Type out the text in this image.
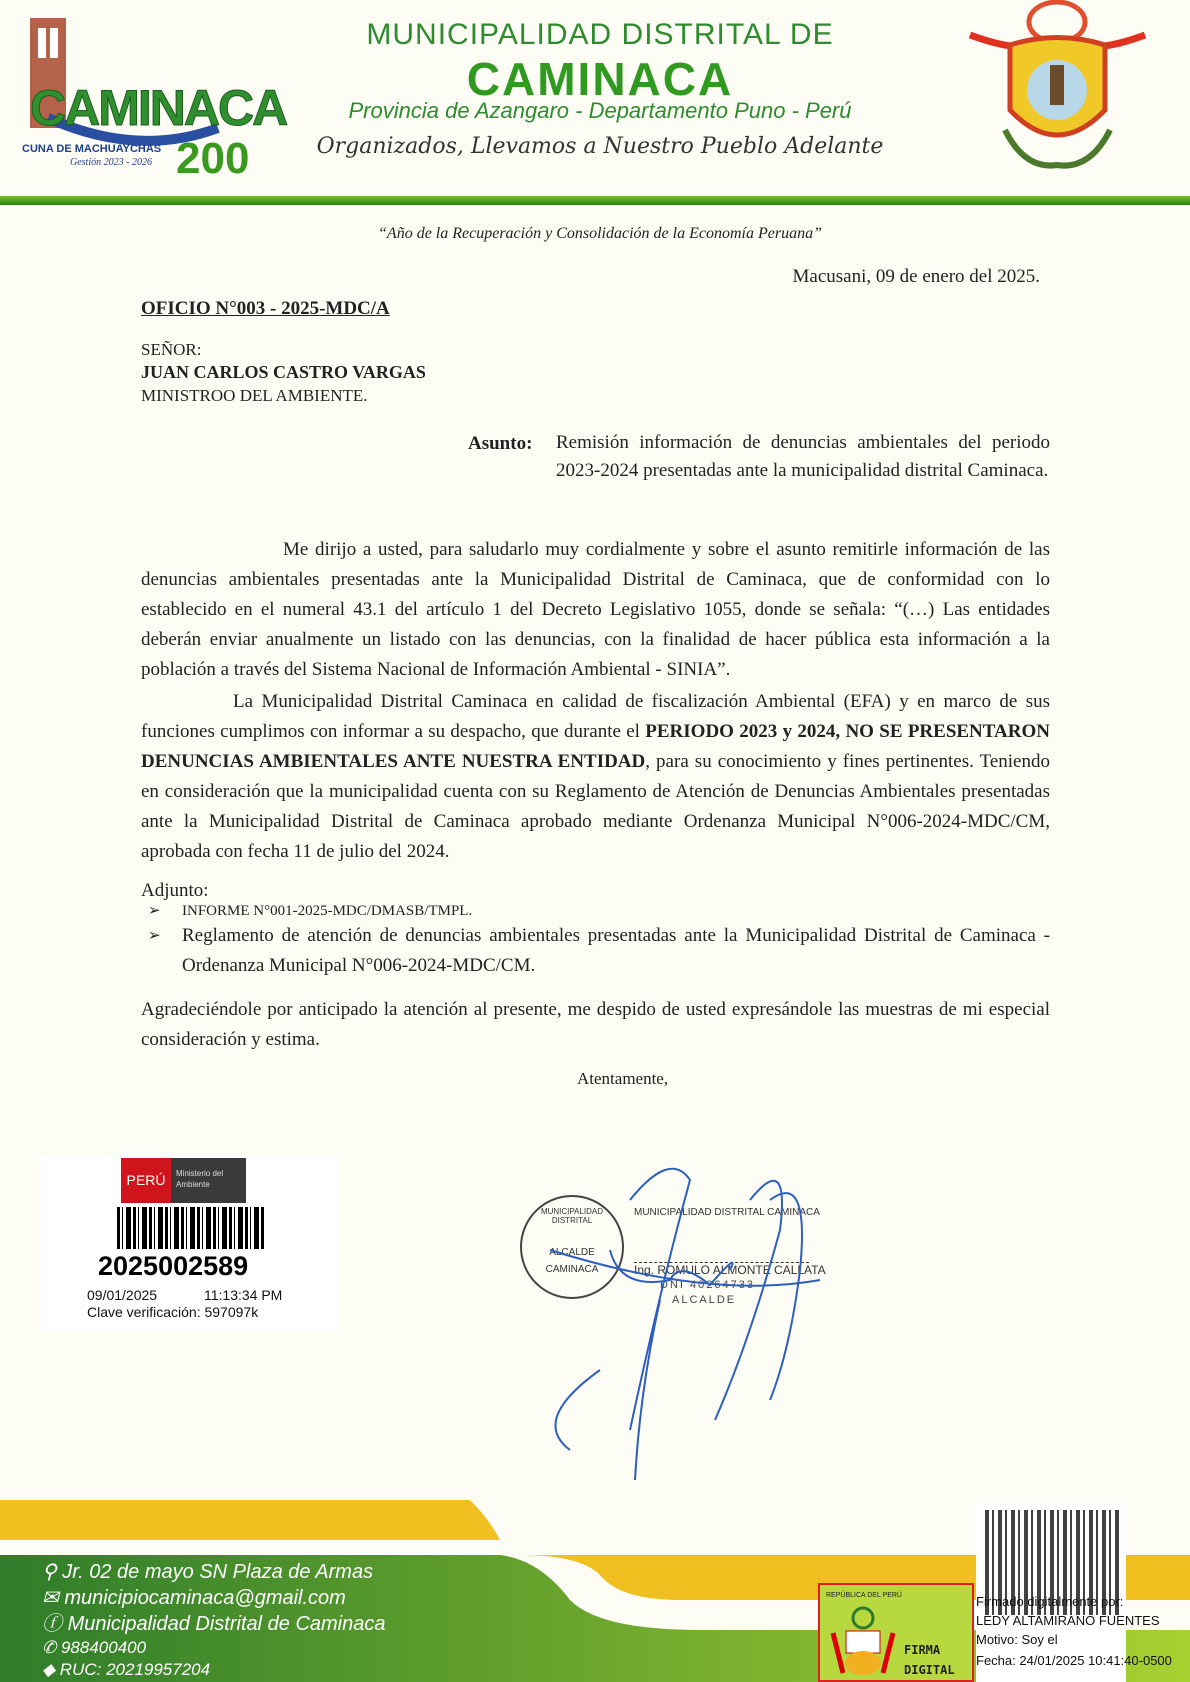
CAMINACA
CUNA DE MACHUAYCHAS
Gestión 2023 - 2026 200
MUNICIPALIDAD DISTRITAL DE
CAMINACA
Provincia de Azangaro - Departamento Puno - Perú
Organizados, Llevamos a Nuestro Pueblo Adelante
“Año de la Recuperación y Consolidación de la Economía Peruana”
Macusani, 09 de enero del 2025.
OFICIO N°003 - 2025-MDC/A
SEÑOR:
JUAN CARLOS CASTRO VARGAS
MINISTROO DEL AMBIENTE.
Asunto: Remisión información de denuncias ambientales del periodo 2023-2024 presentadas ante la municipalidad distrital Caminaca.
Me dirijo a usted, para saludarlo muy cordialmente y sobre el asunto remitirle información de las denuncias ambientales presentadas ante la Municipalidad Distrital de Caminaca, que de conformidad con lo establecido en el numeral 43.1 del artículo 1 del Decreto Legislativo 1055, donde se señala: “(…) Las entidades deberán enviar anualmente un listado con las denuncias, con la finalidad de hacer pública esta información a la población a través del Sistema Nacional de Información Ambiental - SINIA”.
La Municipalidad Distrital Caminaca en calidad de fiscalización Ambiental (EFA) y en marco de sus funciones cumplimos con informar a su despacho, que durante el PERIODO 2023 y 2024, NO SE PRESENTARON DENUNCIAS AMBIENTALES ANTE NUESTRA ENTIDAD, para su conocimiento y fines pertinentes. Teniendo en consideración que la municipalidad cuenta con su Reglamento de Atención de Denuncias Ambientales presentadas ante la Municipalidad Distrital de Caminaca aprobado mediante Ordenanza Municipal N°006-2024-MDC/CM, aprobada con fecha 11 de julio del 2024.
Adjunto:
➢	INFORME N°001-2025-MDC/DMASB/TMPL.
➢	Reglamento de atención de denuncias ambientales presentadas ante la Municipalidad Distrital de Caminaca - Ordenanza Municipal N°006-2024-MDC/CM.
Agradeciéndole por anticipado la atención al presente, me despido de usted expresándole las muestras de mi especial consideración y estima.
Atentamente,
MUNICIPALIDAD DISTRITAL
ALCALDE
CAMINACA
MUNICIPALIDAD DISTRITAL CAMINACA
Ing. ROMULO ALMONTE CALLATA
DNI 40264733
ALCALDE
PERÚ	Ministerio del Ambiente
2025002589
09/01/2025	11:13:34 PM
Clave verificación: 597097k
⚲ Jr. 02 de mayo SN Plaza de Armas
✉ municipiocaminaca@gmail.com
ⓕ Municipalidad Distrital de Caminaca
✆ 988400400
◆ RUC: 20219957204
REPÚBLICA DEL PERÚ
FIRMA
DIGITAL
Firmado digitalmente por:
LEDY ALTAMIRANO FUENTES
Motivo: Soy el
Fecha: 24/01/2025 10:41:40-0500
